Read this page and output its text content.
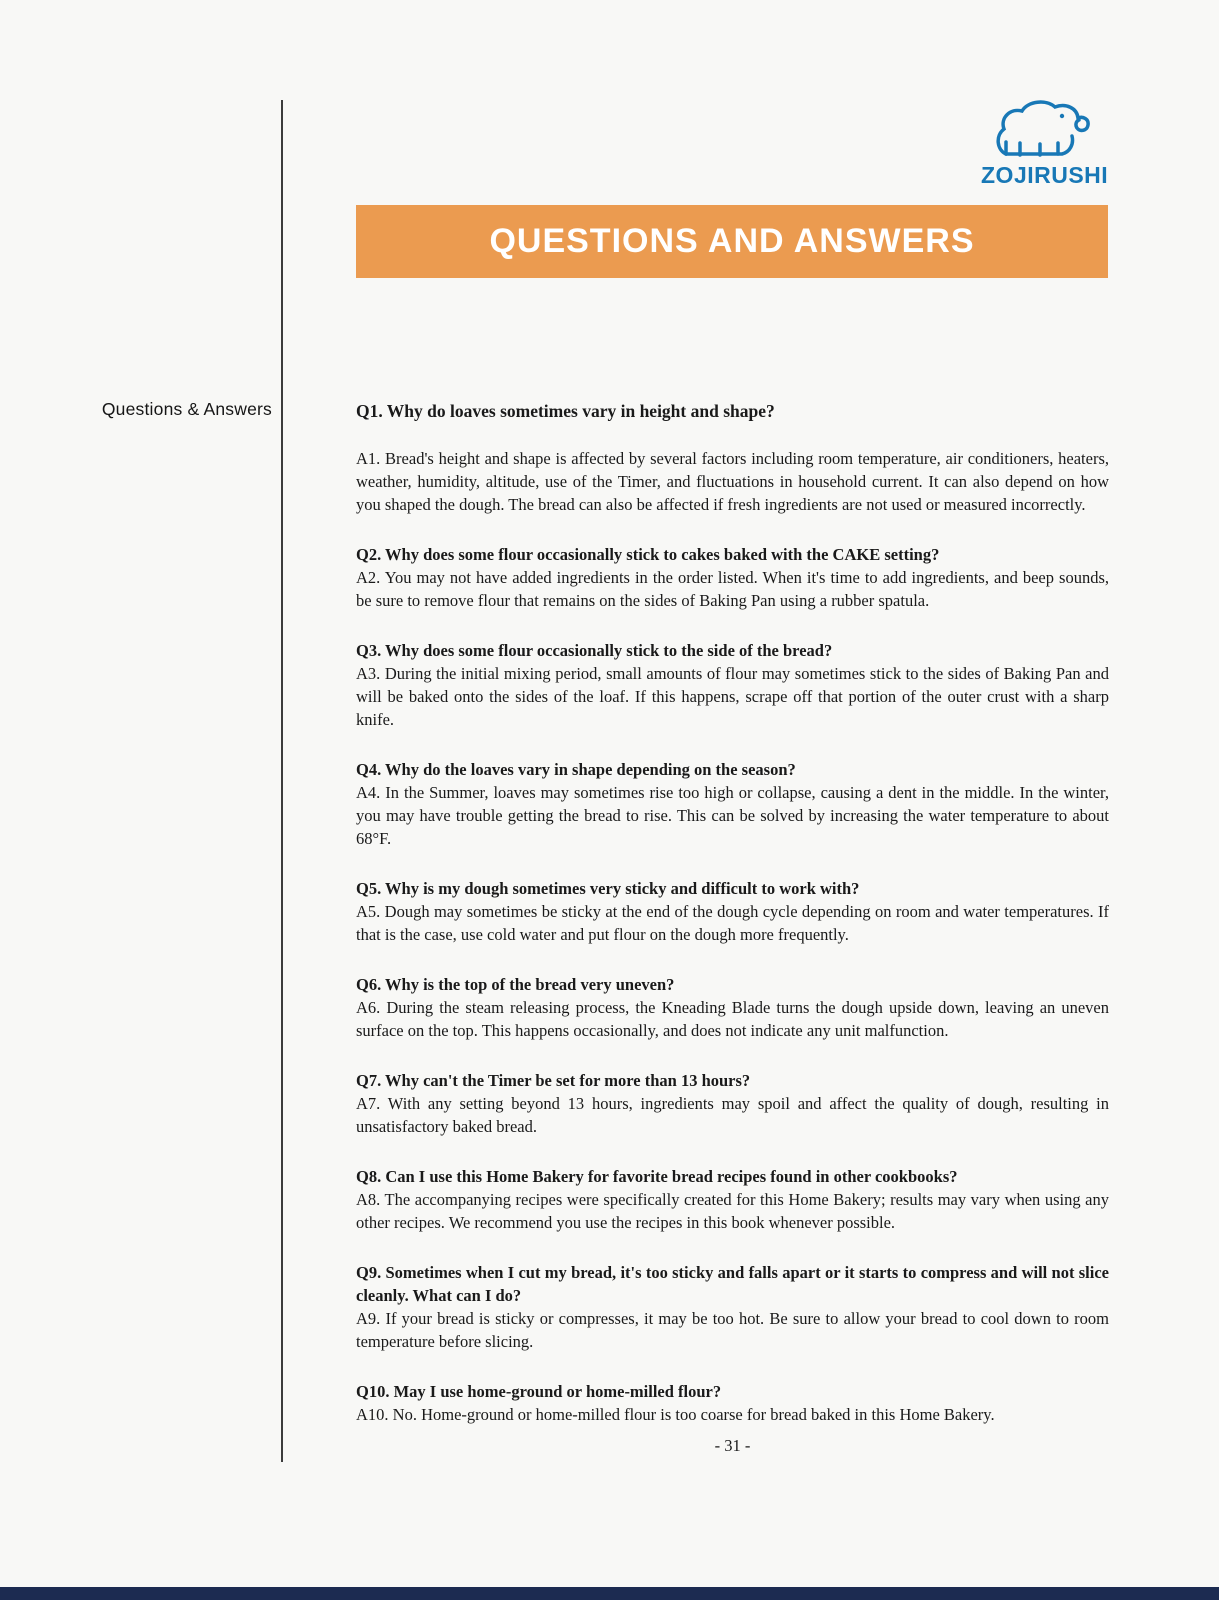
Questions & Answers
ZOJIRUSHI
QUESTIONS AND ANSWERS
Q1. Why do loaves sometimes vary in height and shape?
A1. Bread's height and shape is affected by several factors including room temperature, air conditioners, heaters, weather, humidity, altitude, use of the Timer, and fluctuations in household current. It can also depend on how you shaped the dough. The bread can also be affected if fresh ingredients are not used or measured incorrectly.
Q2. Why does some flour occasionally stick to cakes baked with the CAKE setting?
A2. You may not have added ingredients in the order listed. When it's time to add ingredients, and beep sounds, be sure to remove flour that remains on the sides of Baking Pan using a rubber spatula.
Q3. Why does some flour occasionally stick to the side of the bread?
A3. During the initial mixing period, small amounts of flour may sometimes stick to the sides of Baking Pan and will be baked onto the sides of the loaf. If this happens, scrape off that portion of the outer crust with a sharp knife.
Q4. Why do the loaves vary in shape depending on the season?
A4. In the Summer, loaves may sometimes rise too high or collapse, causing a dent in the middle. In the winter, you may have trouble getting the bread to rise. This can be solved by increasing the water temperature to about 68°F.
Q5. Why is my dough sometimes very sticky and difficult to work with?
A5. Dough may sometimes be sticky at the end of the dough cycle depending on room and water temperatures. If that is the case, use cold water and put flour on the dough more frequently.
Q6. Why is the top of the bread very uneven?
A6. During the steam releasing process, the Kneading Blade turns the dough upside down, leaving an uneven surface on the top. This happens occasionally, and does not indicate any unit malfunction.
Q7. Why can't the Timer be set for more than 13 hours?
A7. With any setting beyond 13 hours, ingredients may spoil and affect the quality of dough, resulting in unsatisfactory baked bread.
Q8. Can I use this Home Bakery for favorite bread recipes found in other cookbooks?
A8. The accompanying recipes were specifically created for this Home Bakery; results may vary when using any other recipes. We recommend you use the recipes in this book whenever possible.
Q9. Sometimes when I cut my bread, it's too sticky and falls apart or it starts to compress and will not slice cleanly. What can I do?
A9. If your bread is sticky or compresses, it may be too hot. Be sure to allow your bread to cool down to room temperature before slicing.
Q10. May I use home-ground or home-milled flour?
A10. No. Home-ground or home-milled flour is too coarse for bread baked in this Home Bakery.
- 31 -
